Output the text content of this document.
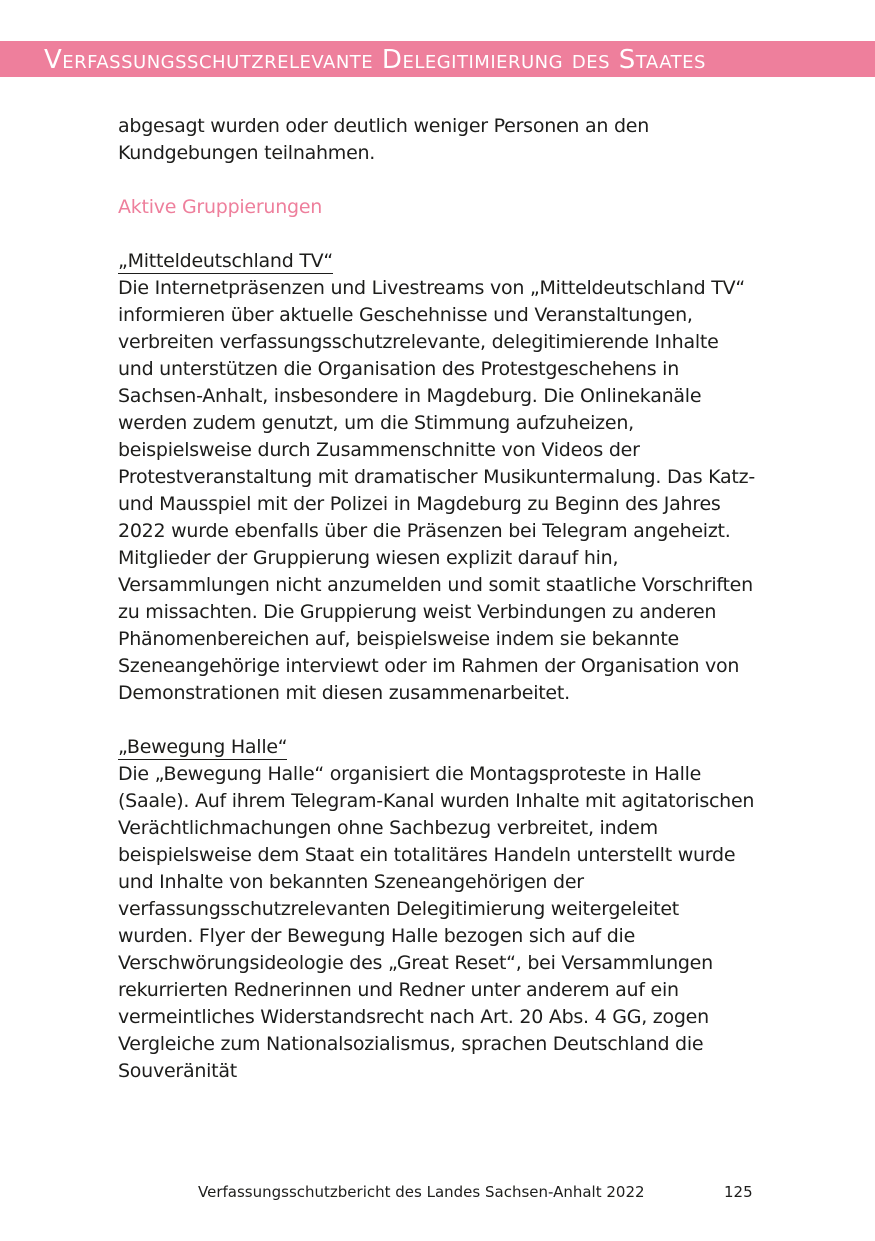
Verfassungsschutzrelevante Delegitimierung des Staates

abgesagt wurden oder deutlich weniger Personen an den Kundgebungen teilnahmen.

Aktive Gruppierungen
„Mitteldeutschland TV“

Die Internetpräsenzen und Livestreams von „Mitteldeutschland TV“ informieren über aktuelle Geschehnisse und Veranstaltungen, verbreiten verfassungsschutzrelevante, delegitimierende Inhalte und unterstützen die Organisation des Protestgeschehens in Sachsen-Anhalt, insbesondere in Magdeburg. Die Onlinekanäle werden zudem genutzt, um die Stimmung aufzuheizen, beispielsweise durch Zusammenschnitte von Videos der Protestveranstaltung mit dramatischer Musikuntermalung. Das Katz- und Mausspiel mit der Polizei in Magdeburg zu Beginn des Jahres 2022 wurde ebenfalls über die Präsenzen bei Telegram angeheizt. Mitglieder der Gruppierung wiesen explizit darauf hin, Versammlungen nicht anzumelden und somit staatliche Vorschriften zu missachten. Die Gruppierung weist Verbindungen zu anderen Phänomenbereichen auf, beispielsweise indem sie bekannte Szeneangehörige interviewt oder im Rahmen der Organisation von Demonstrationen mit diesen zusammenarbeitet.

„Bewegung Halle“

Die „Bewegung Halle“ organisiert die Montagsproteste in Halle (Saale). Auf ihrem Telegram-Kanal wurden Inhalte mit agitatorischen Verächtlichmachungen ohne Sachbezug verbreitet, indem beispielsweise dem Staat ein totalitäres Handeln unterstellt wurde und Inhalte von bekannten Szeneangehörigen der verfassungsschutzrelevanten Delegitimierung weitergeleitet wurden. Flyer der Bewegung Halle bezogen sich auf die Verschwörungsideologie des „Great Reset“, bei Versammlungen rekurrierten Rednerinnen und Redner unter anderem auf ein vermeintliches Widerstandsrecht nach Art. 20 Abs. 4 GG, zogen Vergleiche zum Nationalsozialismus, sprachen Deutschland die Souveränität

Verfassungsschutzbericht des Landes Sachsen-Anhalt 2022	125
